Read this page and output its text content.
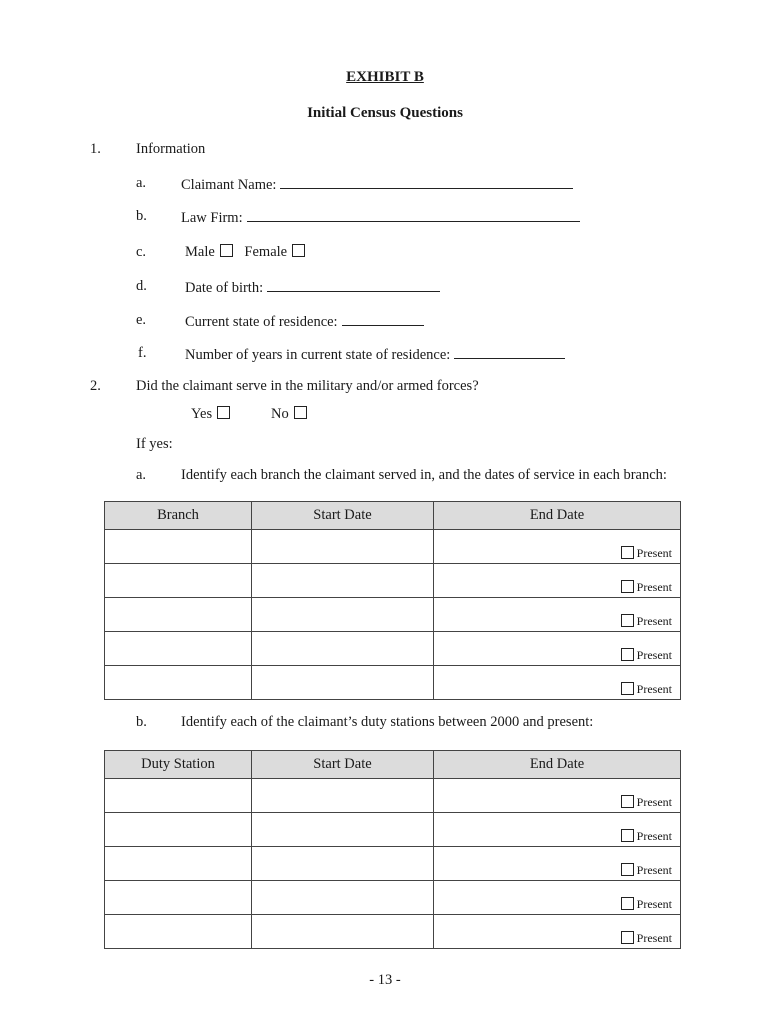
EXHIBIT B
Initial Census Questions
1. Information
a. Claimant Name:
b. Law Firm:
c.	Male Female
d.	Date of birth:
e.	Current state of residence:
f.	Number of years in current state of residence:
2. Did the claimant serve in the military and/or armed forces?
Yes	No
If yes:
a. Identify each branch the claimant served in, and the dates of service in each branch:
Branch	Start Date	End Date

		Present

		Present

		Present

		Present

		Present
b. Identify each of the claimant’s duty stations between 2000 and present:
Duty Station	Start Date	End Date

		Present

		Present

		Present

		Present

		Present
- 13 -
